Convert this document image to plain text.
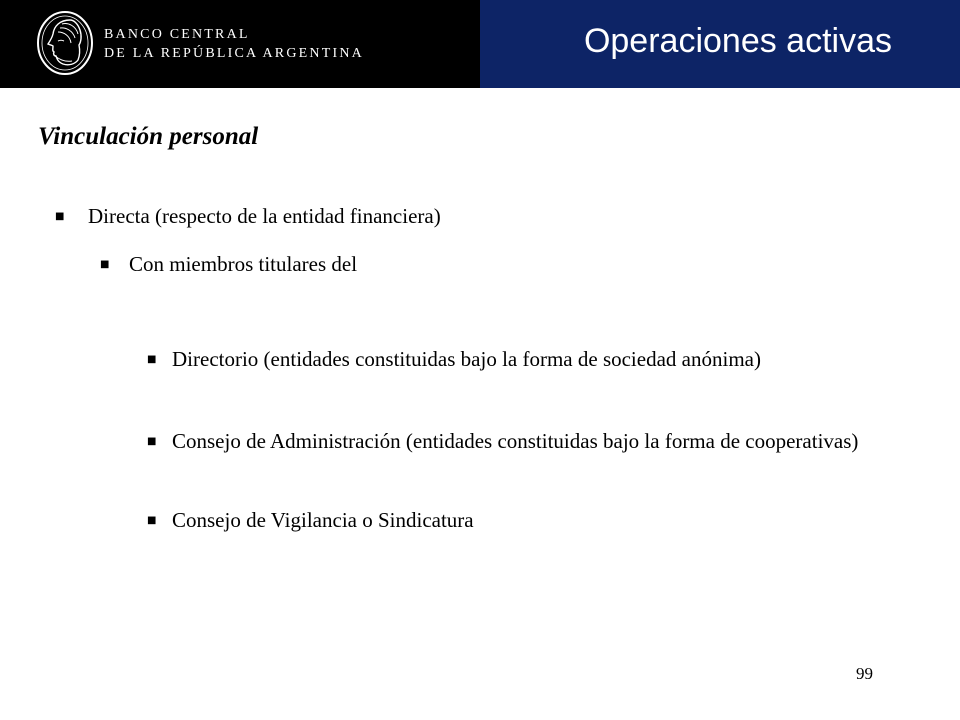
BANCO CENTRAL
DE LA REPÚBLICA ARGENTINA	Operaciones activas
Vinculación personal
■ Directa (respecto de la entidad financiera)
■ Con miembros titulares del
■ Directorio (entidades constituidas bajo la forma de sociedad anónima)
■ Consejo de Administración (entidades constituidas bajo la forma de cooperativas)
■ Consejo de Vigilancia o Sindicatura
99
